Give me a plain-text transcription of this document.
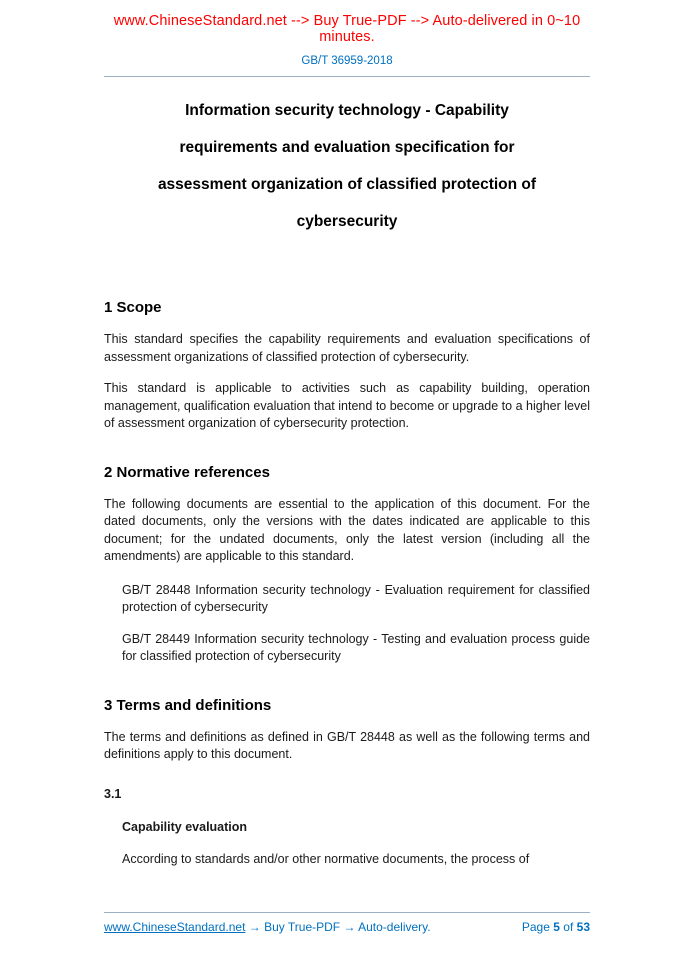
www.ChineseStandard.net --> Buy True-PDF --> Auto-delivered in 0~10 minutes.
GB/T 36959-2018
Information security technology - Capability
requirements and evaluation specification for
assessment organization of classified protection of
cybersecurity
1 Scope

This standard specifies the capability requirements and evaluation specifications of assessment organizations of classified protection of cybersecurity.

This standard is applicable to activities such as capability building, operation management, qualification evaluation that intend to become or upgrade to a higher level of assessment organization of cybersecurity protection.

2 Normative references

The following documents are essential to the application of this document. For the dated documents, only the versions with the dates indicated are applicable to this document; for the undated documents, only the latest version (including all the amendments) are applicable to this standard.

GB/T 28448 Information security technology - Evaluation requirement for classified protection of cybersecurity

GB/T 28449 Information security technology - Testing and evaluation process guide for classified protection of cybersecurity

3 Terms and definitions

The terms and definitions as defined in GB/T 28448 as well as the following terms and definitions apply to this document.

3.1

Capability evaluation

According to standards and/or other normative documents, the process of

www.ChineseStandard.net → Buy True-PDF → Auto-delivery.	Page 5 of 53
